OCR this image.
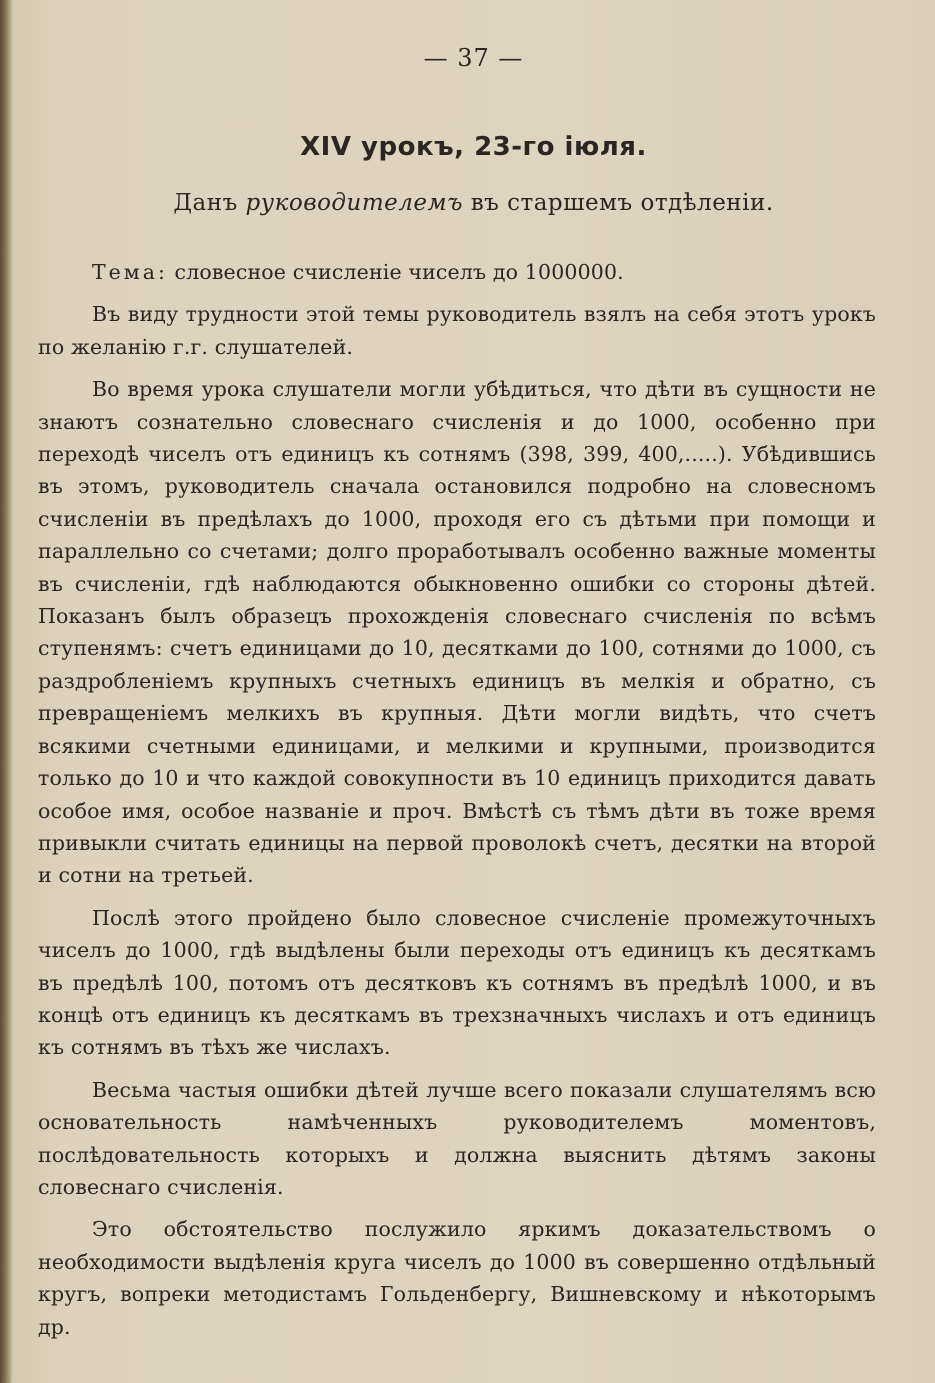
— 37 —
XIV урокъ, 23-го іюля.
Данъ руководителемъ въ старшемъ отдѣленіи.

Тема: словесное счисленіе чиселъ до 1000000.

Въ виду трудности этой темы руководитель взялъ на себя этотъ урокъ по желанію г.г. слушателей.

Во время урока слушатели могли убѣдиться, что дѣти въ сущности не знаютъ сознательно словеснаго счисленія и до 1000, особенно при переходѣ чиселъ отъ единицъ къ сотнямъ (398, 399, 400,.....). Убѣдившись въ этомъ, руководитель сначала остановился подробно на словесномъ счисленіи въ предѣлахъ до 1000, проходя его съ дѣтьми при помощи и параллельно со счетами; долго проработывалъ особенно важные моменты въ счисленіи, гдѣ наблюдаются обыкновенно ошибки со стороны дѣтей. Показанъ былъ образецъ прохожденія словеснаго счисленія по всѣмъ ступенямъ: счетъ единицами до 10, десятками до 100, сотнями до 1000, съ раздробленіемъ крупныхъ счетныхъ единицъ въ мелкія и обратно, съ превращеніемъ мелкихъ въ крупныя. Дѣти могли видѣть, что счетъ всякими счетными единицами, и мелкими и крупными, производится только до 10 и что каждой совокупности въ 10 единицъ приходится давать особое имя, особое названіе и проч. Вмѣстѣ съ тѣмъ дѣти въ тоже время привыкли считать единицы на первой проволокѣ счетъ, десятки на второй и сотни на третьей.

Послѣ этого пройдено было словесное счисленіе промежуточныхъ чиселъ до 1000, гдѣ выдѣлены были переходы отъ единицъ къ десяткамъ въ предѣлѣ 100, потомъ отъ десятковъ къ сотнямъ въ предѣлѣ 1000, и въ концѣ отъ единицъ къ десяткамъ въ трехзначныхъ числахъ и отъ единицъ къ сотнямъ въ тѣхъ же числахъ.

Весьма частыя ошибки дѣтей лучше всего показали слушателямъ всю основательность намѣченныхъ руководителемъ моментовъ, послѣдовательность которыхъ и должна выяснить дѣтямъ законы словеснаго счисленія.

Это обстоятельство послужило яркимъ доказательствомъ о необходимости выдѣленія круга чиселъ до 1000 въ совершенно отдѣльный кругъ, вопреки методистамъ Гольденбергу, Вишневскому и нѣкоторымъ др.
